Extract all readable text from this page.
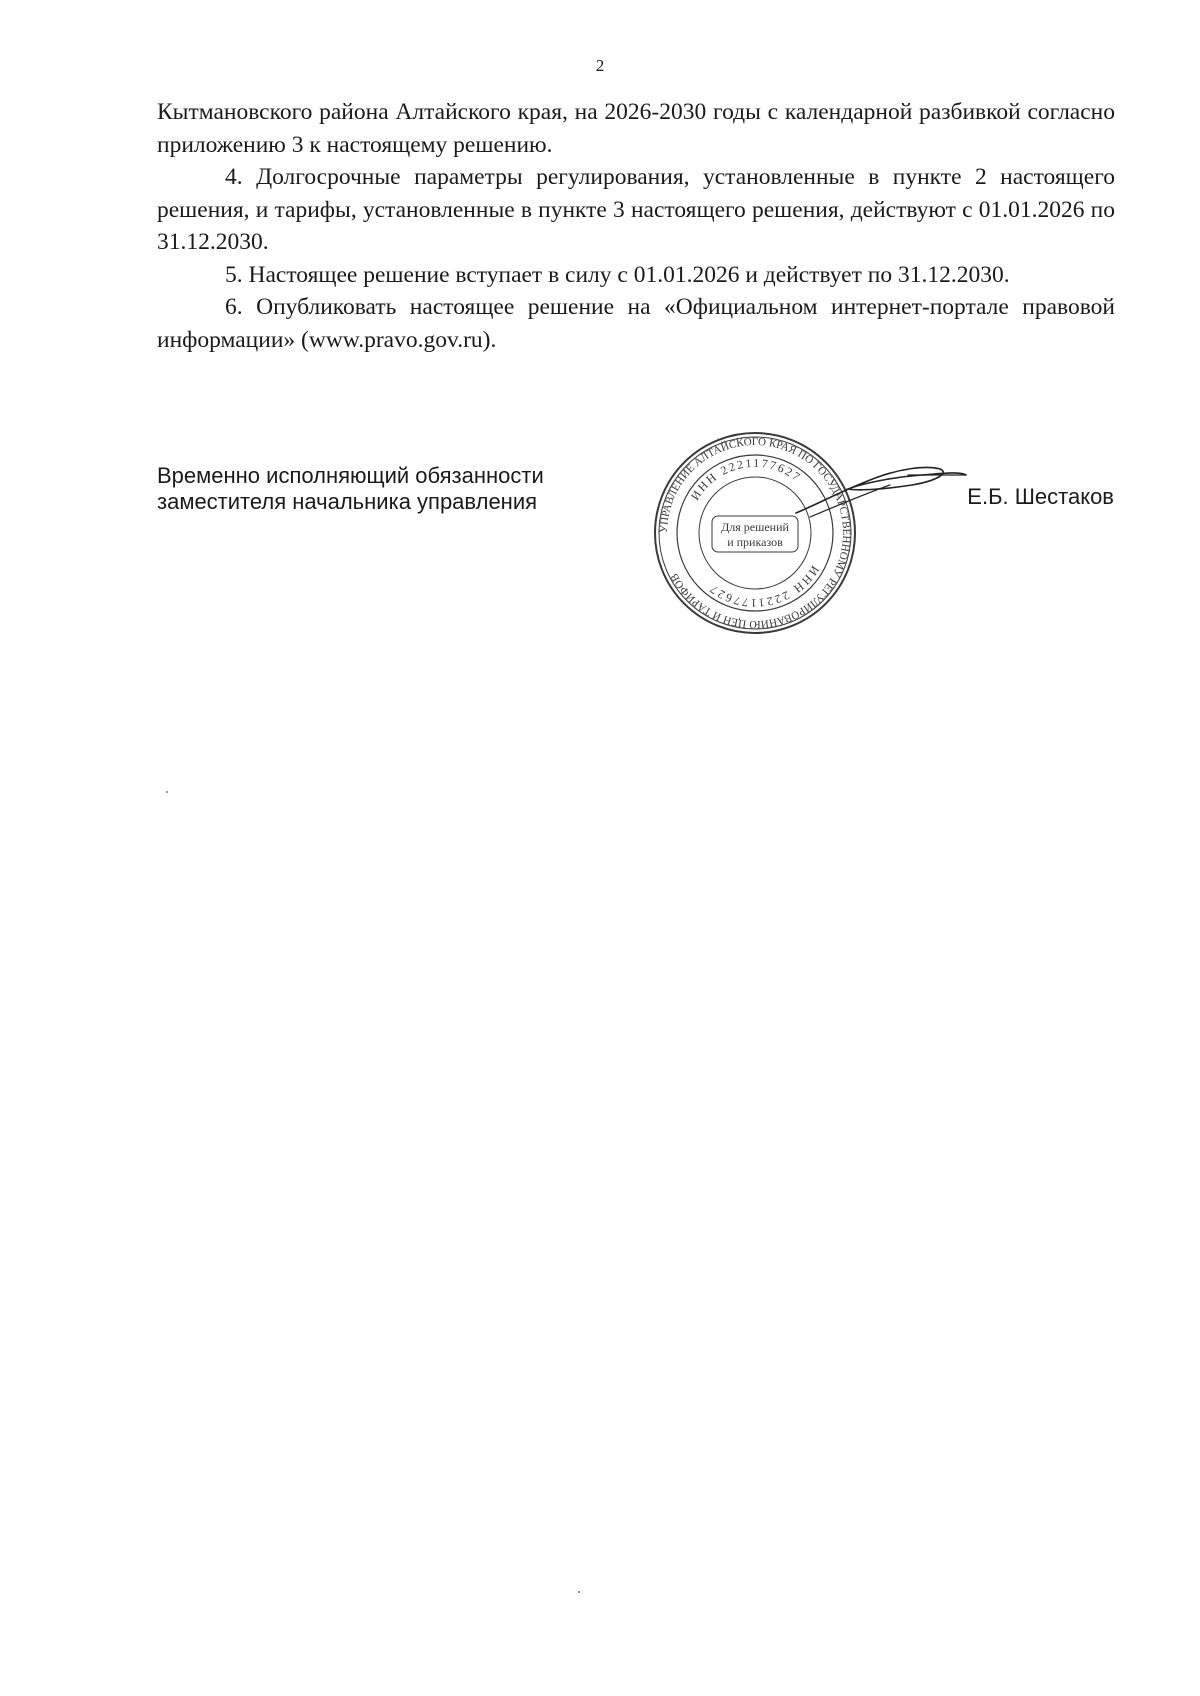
2

Кытмановского района Алтайского края, на 2026-2030 годы с календарной разбивкой согласно приложению 3 к настоящему решению.

4. Долгосрочные параметры регулирования, установленные в пункте 2 настоящего решения, и тарифы, установленные в пункте 3 настоящего решения, действуют с 01.01.2026 по 31.12.2030.

5. Настоящее решение вступает в силу с 01.01.2026 и действует по 31.12.2030.

6. Опубликовать настоящее решение на «Официальном интернет-портале правовой информации» (www.pravo.gov.ru).

Временно исполняющий обязанности
заместителя начальника управления
УПРАВЛЕНИЕ АЛТАЙСКОГО КРАЯ ПО ГОСУДАРСТВЕННОМУ РЕГУЛИРОВАНИЮ ЦЕН И ТАРИФОВ
ИНН 2221177627
ИНН 2221177627
Для решений
и приказов
Е.Б. Шестаков
